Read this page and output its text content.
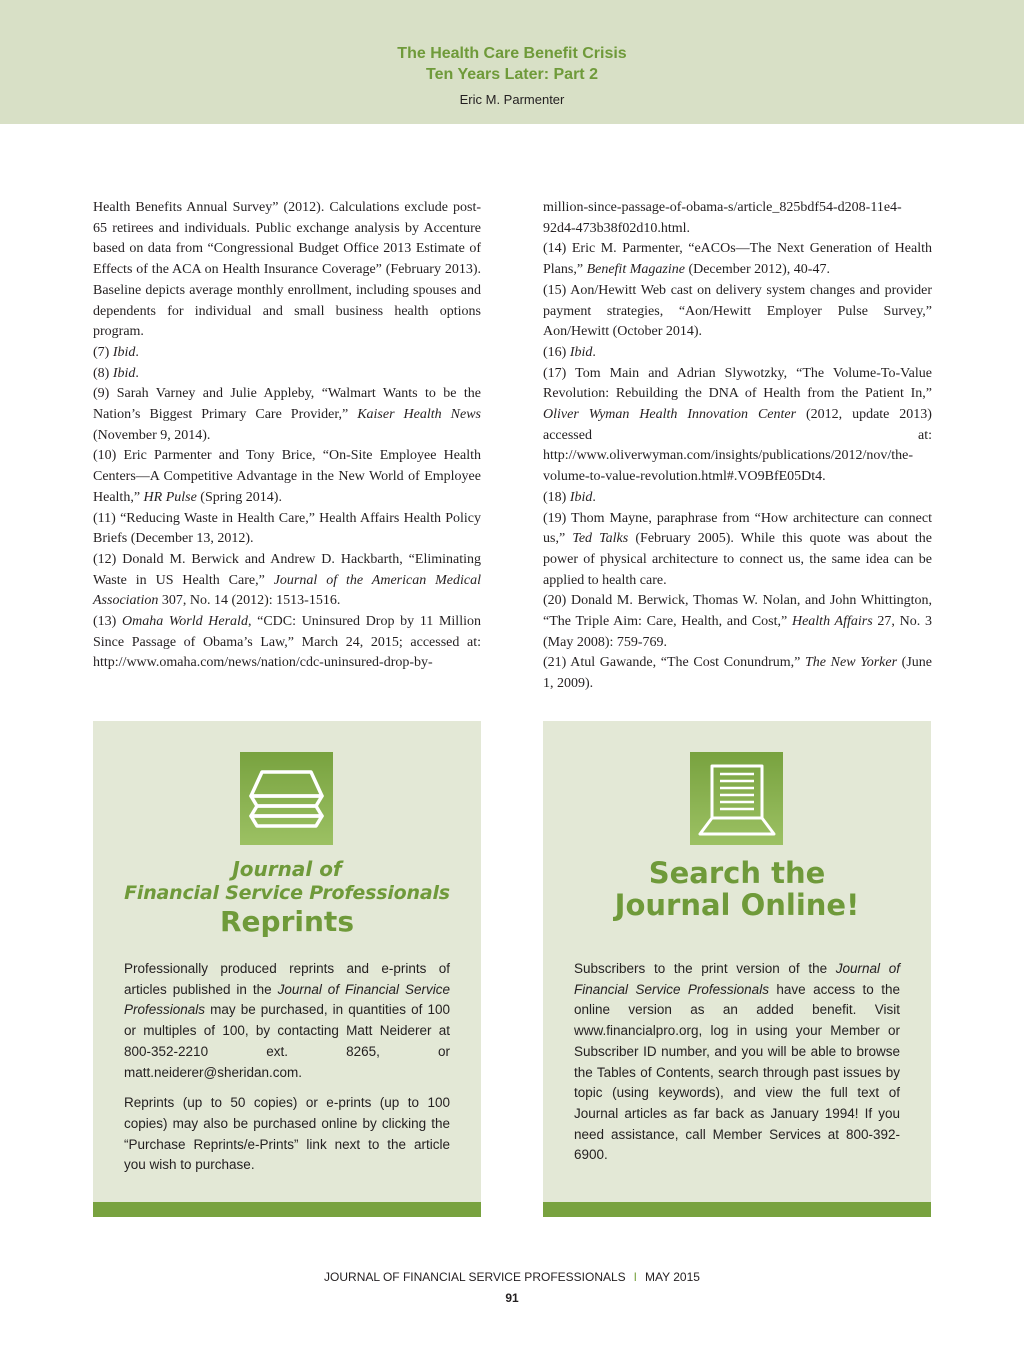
The Health Care Benefit Crisis
Ten Years Later: Part 2
Eric M. Parmenter

Health Benefits Annual Survey” (2012). Calculations exclude post-65 retirees and individuals. Public exchange analysis by Accenture based on data from “Congressional Budget Office 2013 Estimate of Effects of the ACA on Health Insurance Coverage” (February 2013). Baseline depicts average monthly enrollment, including spouses and dependents for individual and small business health options program.

(7) Ibid.

(8) Ibid.

(9) Sarah Varney and Julie Appleby, “Walmart Wants to be the Nation’s Biggest Primary Care Provider,” Kaiser Health News (November 9, 2014).

(10) Eric Parmenter and Tony Brice, “On-Site Employee Health Centers—A Competitive Advantage in the New World of Employee Health,” HR Pulse (Spring 2014).

(11) “Reducing Waste in Health Care,” Health Affairs Health Policy Briefs (December 13, 2012).

(12) Donald M. Berwick and Andrew D. Hackbarth, “Eliminating Waste in US Health Care,” Journal of the American Medical Association 307, No. 14 (2012): 1513-1516.

(13) Omaha World Herald, “CDC: Uninsured Drop by 11 Million Since Passage of Obama’s Law,” March 24, 2015; accessed at: http://www.omaha.com/news/nation/cdc-uninsured-drop-by-

million-since-passage-of-obama-s/article_825bdf54-d208-11e4-92d4-473b38f02d10.html.

(14) Eric M. Parmenter, “eACOs—The Next Generation of Health Plans,” Benefit Magazine (December 2012), 40-47.

(15) Aon/Hewitt Web cast on delivery system changes and provider payment strategies, “Aon/Hewitt Employer Pulse Survey,” Aon/Hewitt (October 2014).

(16) Ibid.

(17) Tom Main and Adrian Slywotzky, “The Volume-To-Value Revolution: Rebuilding the DNA of Health from the Patient In,” Oliver Wyman Health Innovation Center (2012, update 2013) accessed at: http://www.oliverwyman.com/insights/publications/2012/nov/the-volume-to-value-revolution.html#.VO9BfE05Dt4.

(18) Ibid.

(19) Thom Mayne, paraphrase from “How architecture can connect us,” Ted Talks (February 2005). While this quote was about the power of physical architecture to connect us, the same idea can be applied to health care.

(20) Donald M. Berwick, Thomas W. Nolan, and John Whittington, “The Triple Aim: Care, Health, and Cost,” Health Affairs 27, No. 3 (May 2008): 759-769.

(21) Atul Gawande, “The Cost Conundrum,” The New Yorker (June 1, 2009).

Journal of
Financial Service Professionals
Reprints

Professionally produced reprints and e-prints of articles published in the Journal of Financial Service Professionals may be purchased, in quantities of 100 or multiples of 100, by contacting Matt Neiderer at 800-352-2210 ext. 8265, or matt.neiderer@sheridan.com.

Reprints (up to 50 copies) or e-prints (up to 100 copies) may also be purchased online by clicking the “Purchase Reprints/e-Prints” link next to the article you wish to purchase.

Search the
Journal Online!

Subscribers to the print version of the Journal of Financial Service Professionals have access to the online version as an added benefit. Visit www.financialpro.org, log in using your Member or Subscriber ID number, and you will be able to browse the Tables of Contents, search through past issues by topic (using keywords), and view the full text of Journal articles as far back as January 1994! If you need assistance, call Member Services at 800-392-6900.

JOURNAL OF FINANCIAL SERVICE PROFESSIONALS I MAY 2015
91
